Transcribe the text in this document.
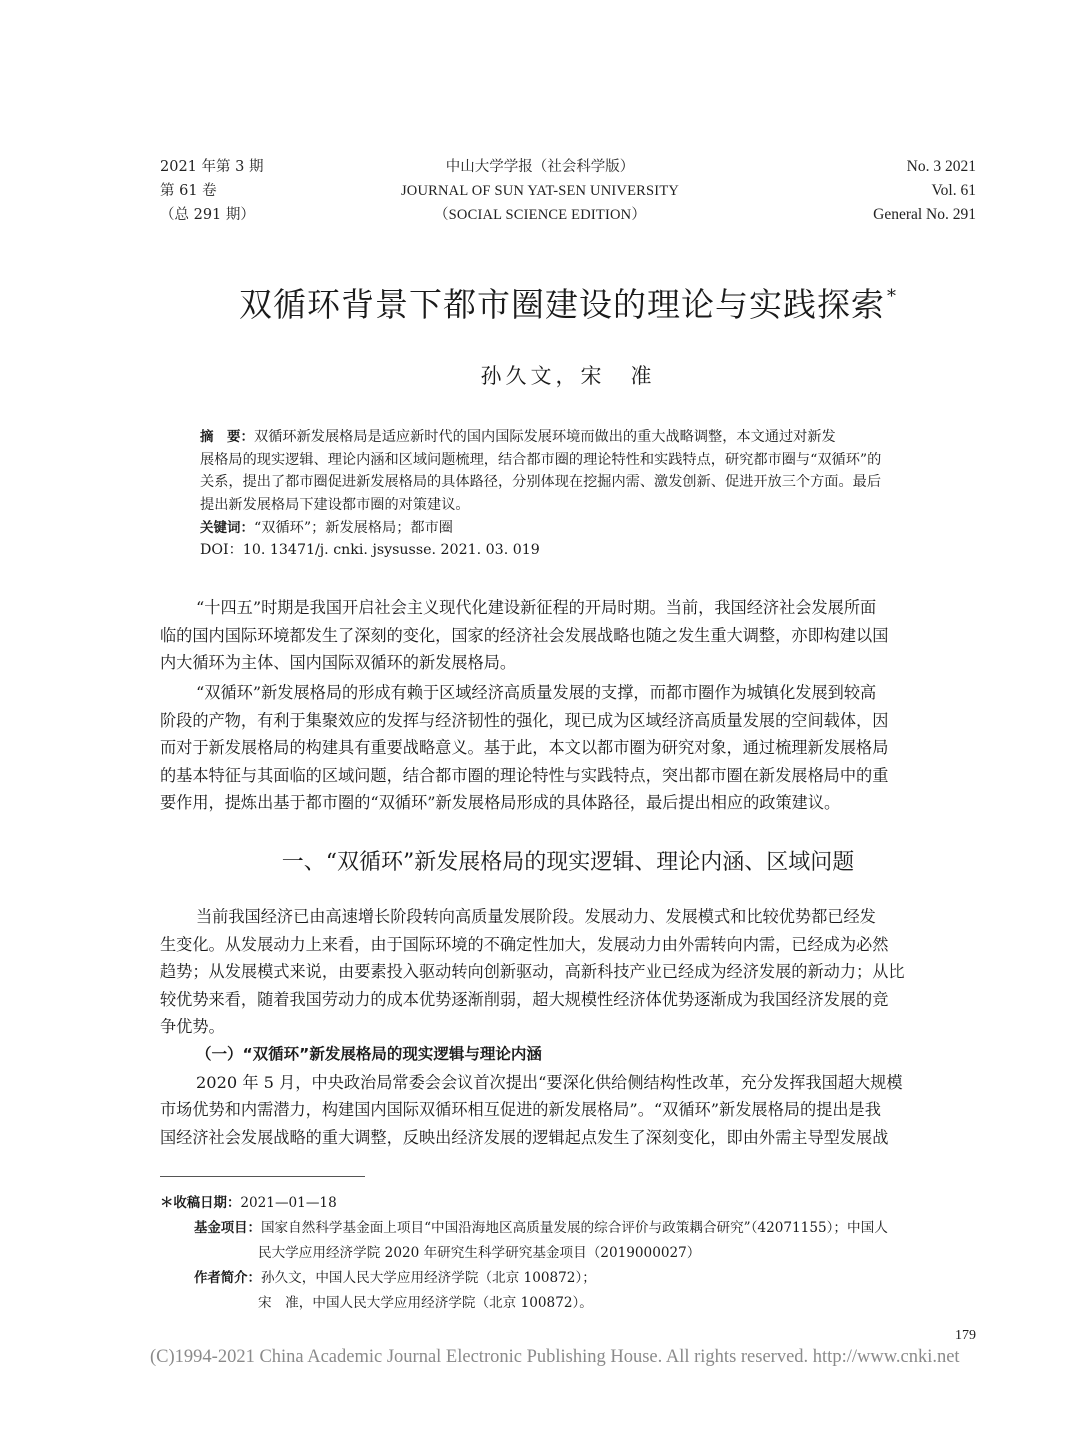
2021 年第 3 期
第 61 卷
（总 291 期）
中山大学学报（社会科学版）
JOURNAL OF SUN YAT-SEN UNIVERSITY
（SOCIAL SCIENCE EDITION）
No. 3 2021
Vol. 61
General No. 291
双循环背景下都市圈建设的理论与实践探索 *
孙久文，宋　准
摘　要：双循环新发展格局是适应新时代的国内国际发展环境而做出的重大战略调整，本文通过对新发
展格局的现实逻辑、理论内涵和区域问题梳理，结合都市圈的理论特性和实践特点，研究都市圈与“双循环”的
关系，提出了都市圈促进新发展格局的具体路径，分别体现在挖掘内需、激发创新、促进开放三个方面。最后
提出新发展格局下建设都市圈的对策建议。
关键词：“双循环”；新发展格局；都市圈
DOI：10. 13471/j. cnki. jsysusse. 2021. 03. 019
“十四五”时期是我国开启社会主义现代化建设新征程的开局时期。当前，我国经济社会发展所面
临的国内国际环境都发生了深刻的变化，国家的经济社会发展战略也随之发生重大调整，亦即构建以国
内大循环为主体、国内国际双循环的新发展格局。
“双循环”新发展格局的形成有赖于区域经济高质量发展的支撑，而都市圈作为城镇化发展到较高
阶段的产物，有利于集聚效应的发挥与经济韧性的强化，现已成为区域经济高质量发展的空间载体，因
而对于新发展格局的构建具有重要战略意义。基于此，本文以都市圈为研究对象，通过梳理新发展格局
的基本特征与其面临的区域问题，结合都市圈的理论特性与实践特点，突出都市圈在新发展格局中的重
要作用，提炼出基于都市圈的“双循环”新发展格局形成的具体路径，最后提出相应的政策建议。
一、“双循环”新发展格局的现实逻辑、理论内涵、区域问题
当前我国经济已由高速增长阶段转向高质量发展阶段。发展动力、发展模式和比较优势都已经发
生变化。从发展动力上来看，由于国际环境的不确定性加大，发展动力由外需转向内需，已经成为必然
趋势；从发展模式来说，由要素投入驱动转向创新驱动，高新科技产业已经成为经济发展的新动力；从比
较优势来看，随着我国劳动力的成本优势逐渐削弱，超大规模性经济体优势逐渐成为我国经济发展的竞
争优势。
（一）“双循环”新发展格局的现实逻辑与理论内涵
2020 年 5 月，中央政治局常委会会议首次提出“要深化供给侧结构性改革，充分发挥我国超大规模
市场优势和内需潜力，构建国内国际双循环相互促进的新发展格局”。“双循环”新发展格局的提出是我
国经济社会发展战略的重大调整，反映出经济发展的逻辑起点发生了深刻变化，即由外需主导型发展战
＊收稿日期：2021—01—18
基金项目：国家自然科学基金面上项目“中国沿海地区高质量发展的综合评价与政策耦合研究”（42071155）；中国人
民大学应用经济学院 2020 年研究生科学研究基金项目（2019000027）
作者简介：孙久文，中国人民大学应用经济学院（北京 100872）；
宋　准，中国人民大学应用经济学院（北京 100872）。
179
(C)1994-2021 China Academic Journal Electronic Publishing House. All rights reserved. http://www.cnki.net
